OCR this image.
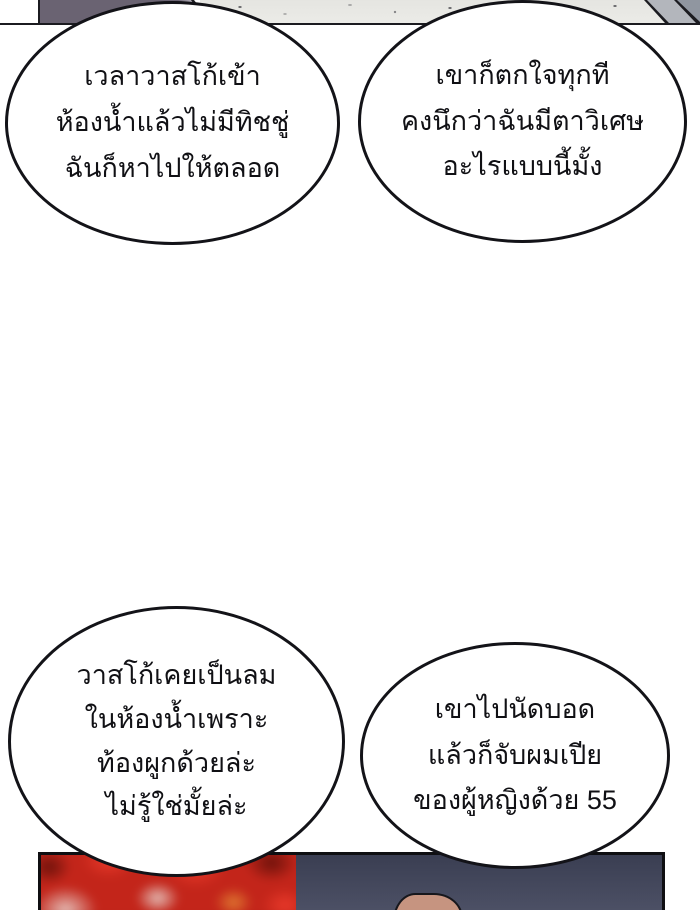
เวลาวาสโก้เข้า
ห้องน้ำแล้วไม่มีทิชชู่
ฉันก็หาไปให้ตลอด
เขาก็ตกใจทุกที
คงนึกว่าฉันมีตาวิเศษ
อะไรแบบนี้มั้ง
วาสโก้เคยเป็นลม
ในห้องน้ำเพราะ
ท้องผูกด้วยล่ะ
ไม่รู้ใช่มั้ยล่ะ
เขาไปนัดบอด
แล้วก็จับผมเปีย
ของผู้หญิงด้วย 55
